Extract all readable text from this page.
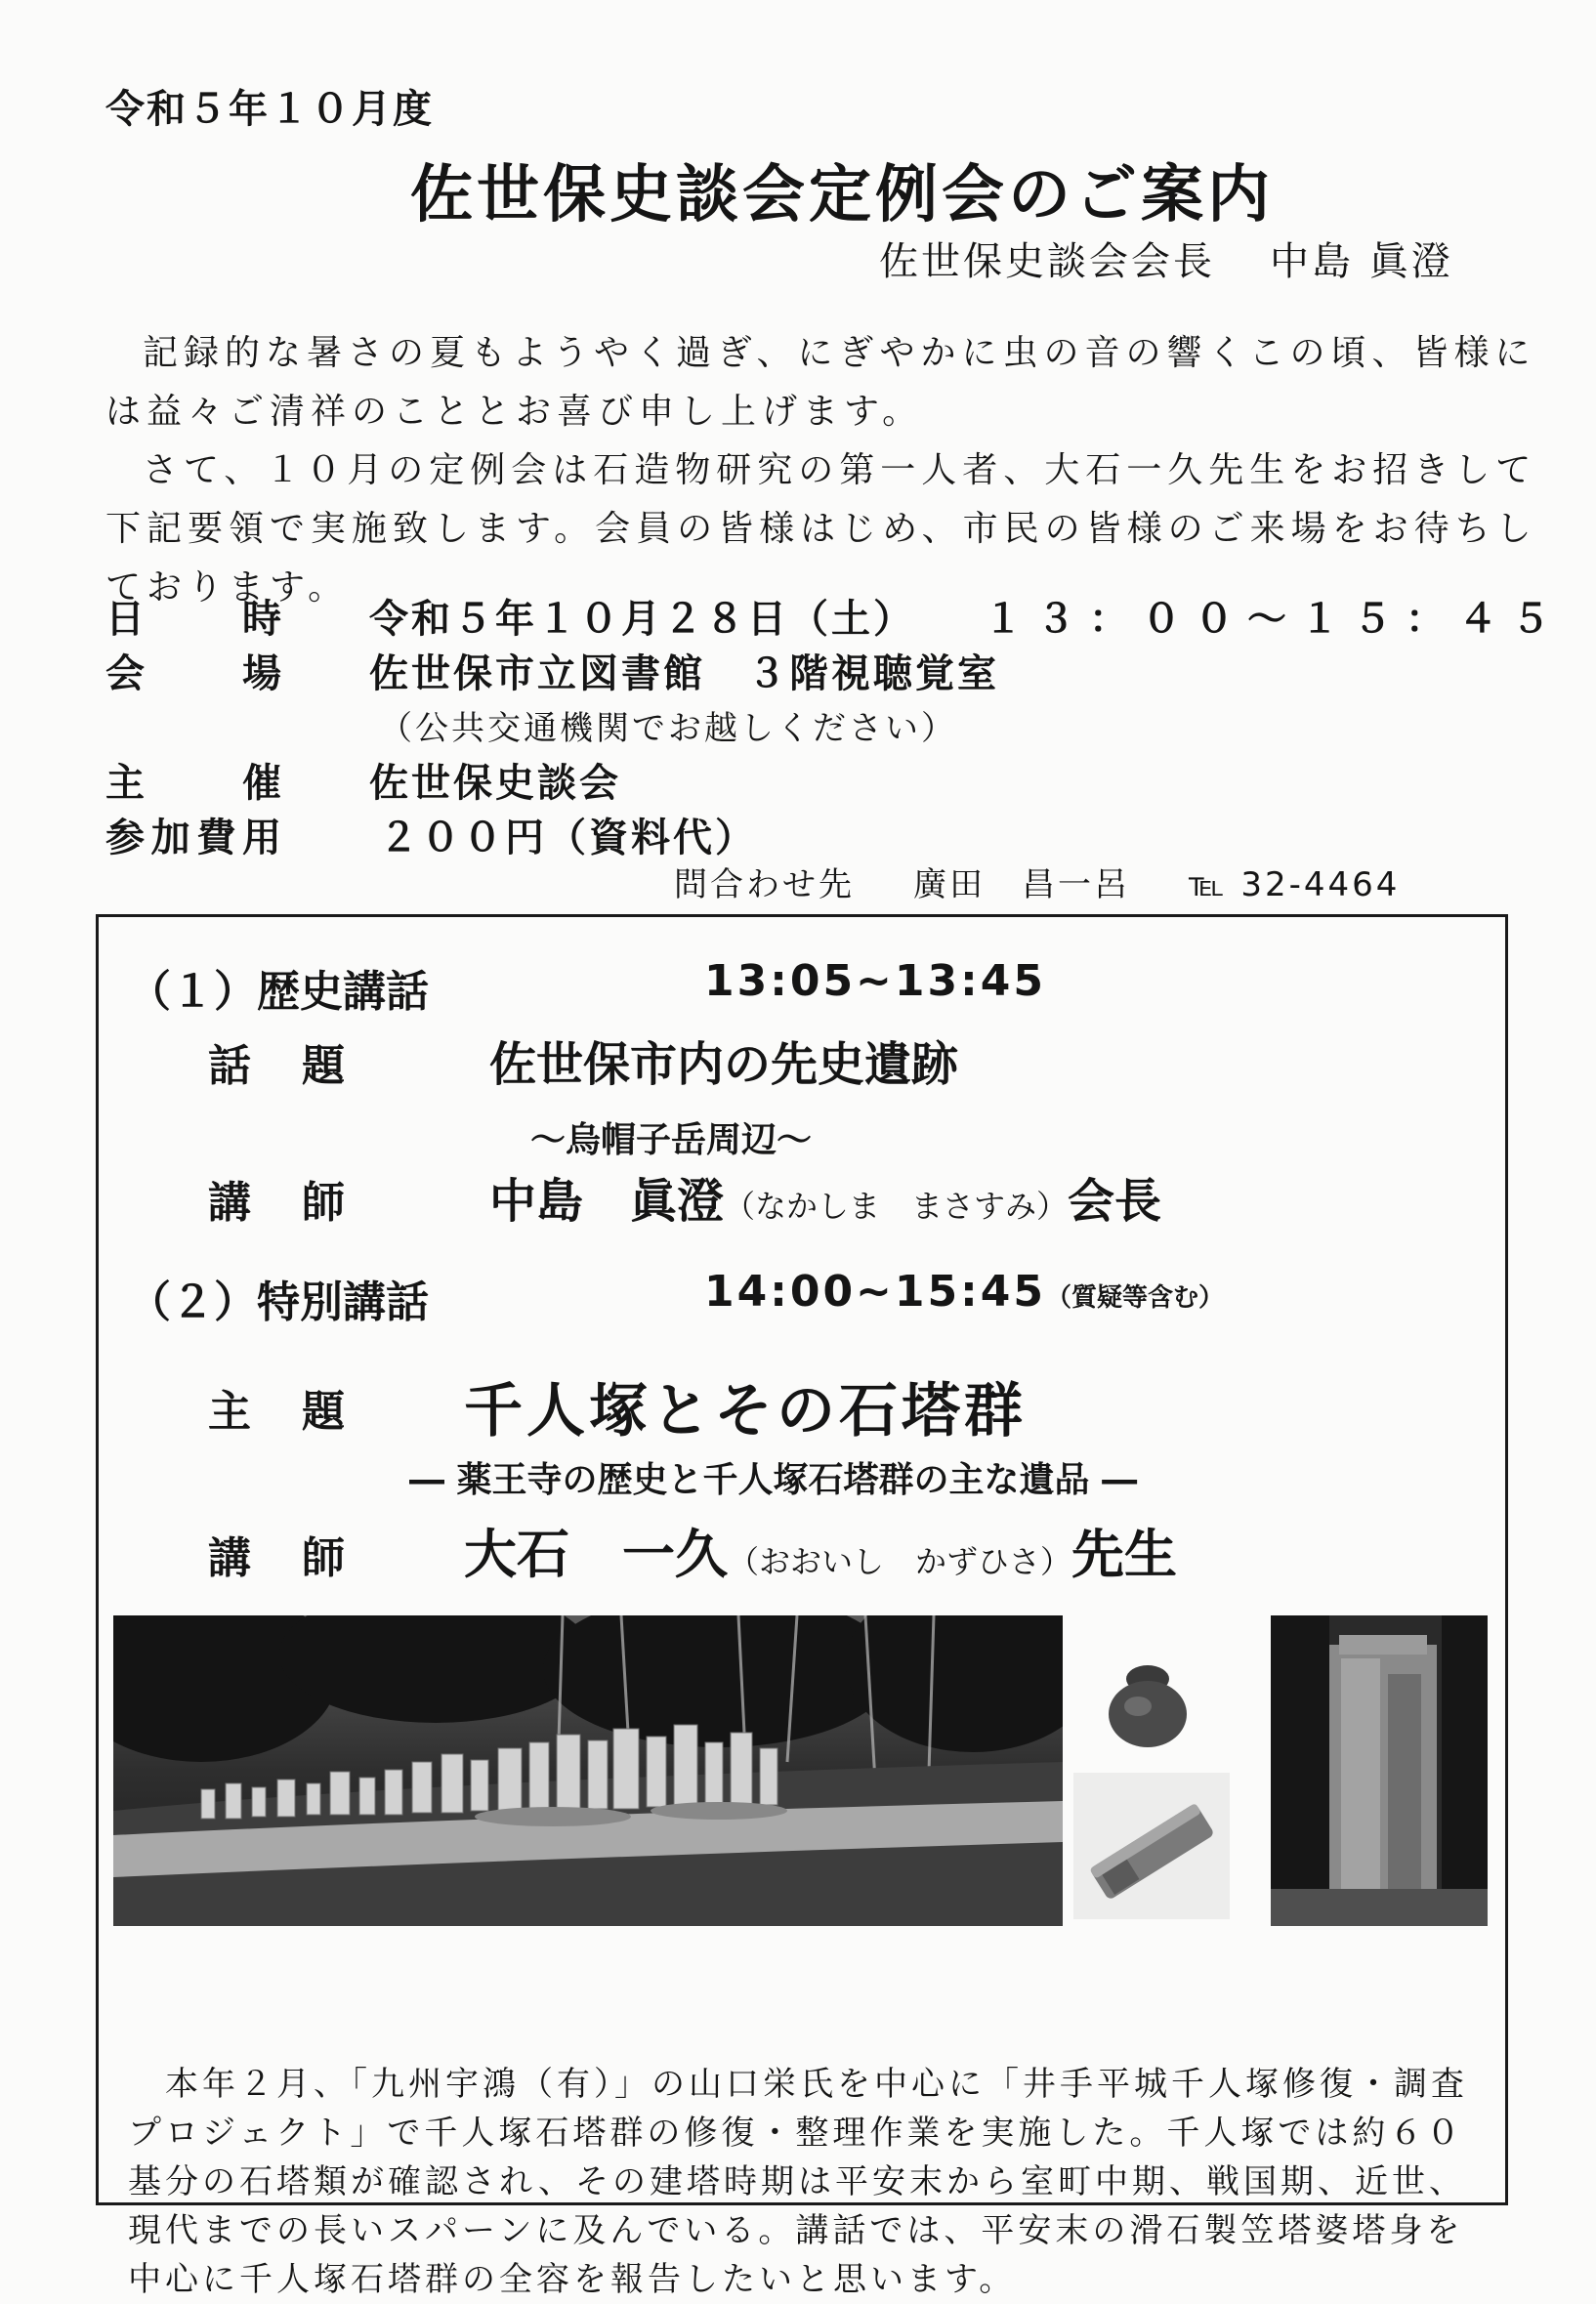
令和５年１０月度
佐世保史談会定例会のご案内
佐世保史談会会長 中島 眞澄

記録的な暑さの夏もようやく過ぎ、にぎやかに虫の音の響くこの頃、皆様には益々ご清祥のこととお喜び申し上げます。

さて、１０月の定例会は石造物研究の第一人者、大石一久先生をお招きして下記要領で実施致します。会員の皆様はじめ、市民の皆様のご来場をお待ちしております。

日	時 令和５年１０月２８日（土） １３：００～１５：４５
会	場 佐世保市立図書館　３階視聴覚室
（公共交通機関でお越しください）
主	催 佐世保史談会
参 加 費 用	２００円（資料代）
問合わせ先 廣田　昌一呂 ℡ 32-4464
（１）歴史講話	13:05~13:45
話 題	佐世保市内の先史遺跡
～烏帽子岳周辺～
講 師	中島　眞澄（なかしま　まさすみ）会長
（２）特別講話	14:00~15:45（質疑等含む）
主 題 千人塚とその石塔群
― 薬王寺の歴史と千人塚石塔群の主な遺品 ―
講 師 大石　一久（おおいし　かずひさ）先生

本年２月、「九州宇鴻（有）」の山口栄氏を中心に「井手平城千人塚修復・調査プロジェクト」で千人塚石塔群の修復・整理作業を実施した。千人塚では約６０基分の石塔類が確認され、その建塔時期は平安末から室町中期、戦国期、近世、現代までの長いスパーンに及んでいる。講話では、平安末の滑石製笠塔婆塔身を中心に千人塚石塔群の全容を報告したいと思います。
